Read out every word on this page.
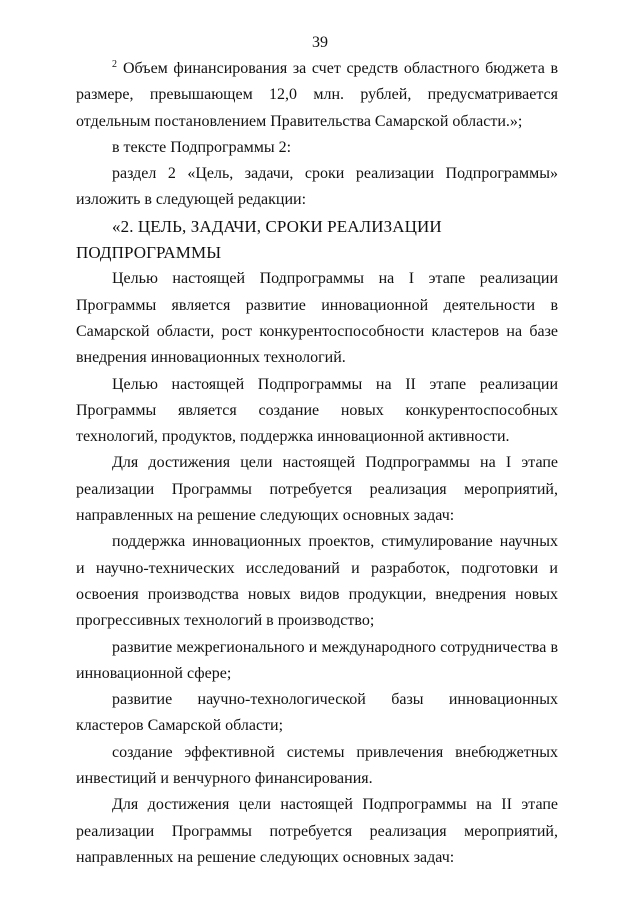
39

$^2$ Объем финансирования за счет средств областного бюджета в размере, превышающем 12,0 млн. рублей, предусматривается отдельным постановлением Правительства Самарской области.»;

в тексте Подпрограммы 2:

раздел 2 «Цель, задачи, сроки реализации Подпрограммы» изложить в следующей редакции:

«2. ЦЕЛЬ, ЗАДАЧИ, СРОКИ РЕАЛИЗАЦИИ ПОДПРОГРАММЫ

Целью настоящей Подпрограммы на I этапе реализации Программы является развитие инновационной деятельности в Самарской области, рост конкурентоспособности кластеров на базе внедрения инновационных технологий.

Целью настоящей Подпрограммы на II этапе реализации Программы является создание новых конкурентоспособных технологий, продуктов, поддержка инновационной активности.

Для достижения цели настоящей Подпрограммы на I этапе реализации Программы потребуется реализация мероприятий, направленных на решение следующих основных задач:

поддержка инновационных проектов, стимулирование научных и научно-технических исследований и разработок, подготовки и освоения производства новых видов продукции, внедрения новых прогрессивных технологий в производство;

развитие межрегионального и международного сотрудничества в инновационной сфере;

развитие научно-технологической базы инновационных кластеров Самарской области;

создание эффективной системы привлечения внебюджетных инвестиций и венчурного финансирования.

Для достижения цели настоящей Подпрограммы на II этапе реализации Программы потребуется реализация мероприятий, направленных на решение следующих основных задач:
